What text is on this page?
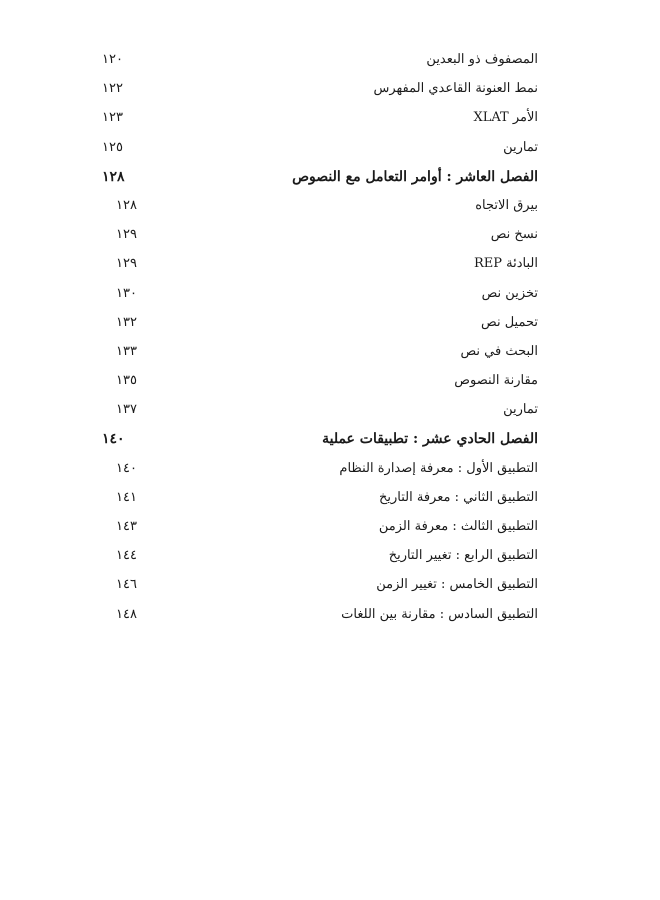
المصفوف ذو البعدين
١٢٠
نمط العنونة القاعدي المفهرس
١٢٢
الأمر XLAT
١٢٣
تمارين
١٢٥
الفصل العاشر : أوامر التعامل مع النصوص
١٢٨
بيرق الاتجاه
١٢٨
نسخ نص
١٢٩
البادئة REP
١٢٩
تخزين نص
١٣٠
تحميل نص
١٣٢
البحث في نص
١٣٣
مقارنة النصوص
١٣٥
تمارين
١٣٧
الفصل الحادي عشر : تطبيقات عملية
١٤٠
التطبيق الأول : معرفة إصدارة النظام
١٤٠
التطبيق الثاني : معرفة التاريخ
١٤١
التطبيق الثالث : معرفة الزمن
١٤٣
التطبيق الرابع : تغيير التاريخ
١٤٤
التطبيق الخامس : تغيير الزمن
١٤٦
التطبيق السادس : مقارنة بين اللغات
١٤٨
